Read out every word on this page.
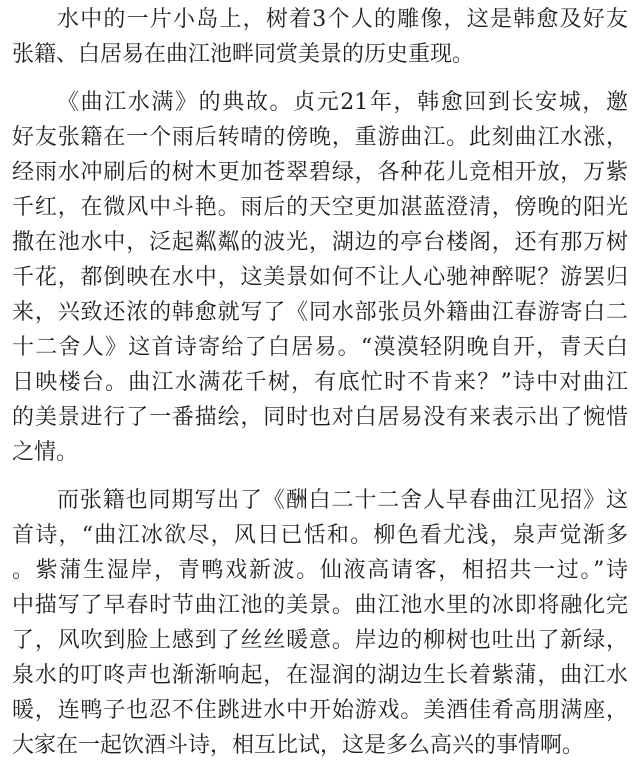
水中的一片小岛上，树着3个人的雕像，这是韩愈及好友
张籍、白居易在曲江池畔同赏美景的历史重现。
《曲江水满》的典故。贞元21年，韩愈回到长安城，邀
好友张籍在一个雨后转晴的傍晚，重游曲江。此刻曲江水涨，
经雨水冲刷后的树木更加苍翠碧绿，各种花儿竞相开放，万紫
千红，在微风中斗艳。雨后的天空更加湛蓝澄清，傍晚的阳光
撒在池水中，泛起粼粼的波光，湖边的亭台楼阁，还有那万树
千花，都倒映在水中，这美景如何不让人心驰神醉呢？游罢归
来，兴致还浓的韩愈就写了《同水部张员外籍曲江春游寄白二
十二舍人》这首诗寄给了白居易。“漠漠轻阴晚自开，青天白
日映楼台。曲江水满花千树，有底忙时不肯来？”诗中对曲江
的美景进行了一番描绘，同时也对白居易没有来表示出了惋惜
之情。
而张籍也同期写出了《酬白二十二舍人早春曲江见招》这
首诗，“曲江冰欲尽，风日已恬和。柳色看尤浅，泉声觉渐多
。紫蒲生湿岸，青鸭戏新波。仙液高请客，相招共一过。”诗
中描写了早春时节曲江池的美景。曲江池水里的冰即将融化完
了，风吹到脸上感到了丝丝暖意。岸边的柳树也吐出了新绿，
泉水的叮咚声也渐渐响起，在湿润的湖边生长着紫蒲，曲江水
暖，连鸭子也忍不住跳进水中开始游戏。美酒佳肴高朋满座，
大家在一起饮酒斗诗，相互比试，这是多么高兴的事情啊。
